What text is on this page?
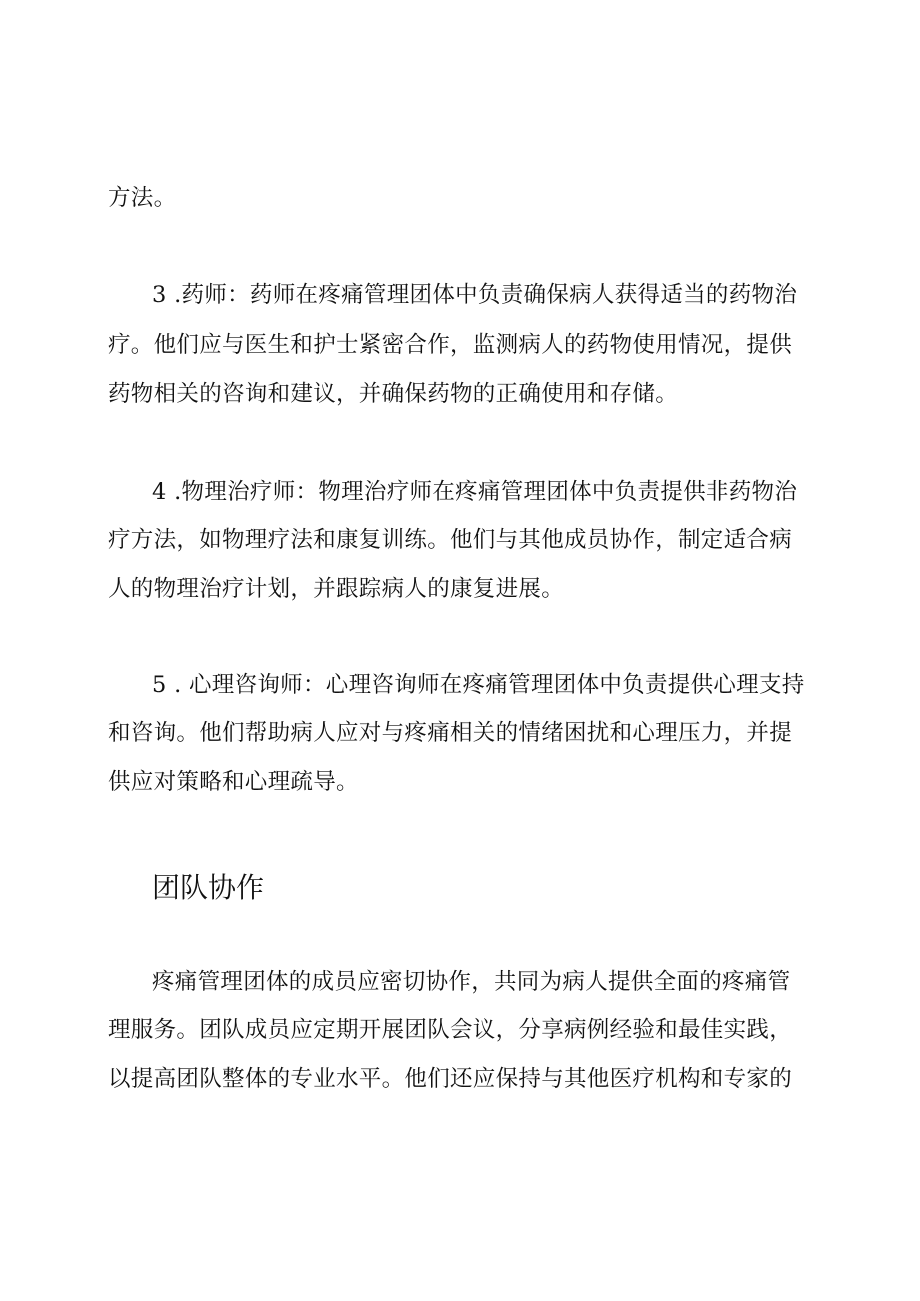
方法。
3 .药师：药师在疼痛管理团体中负责确保病人获得适当的药物治
疗。他们应与医生和护士紧密合作，监测病人的药物使用情况，提供
药物相关的咨询和建议，并确保药物的正确使用和存储。
4 .物理治疗师：物理治疗师在疼痛管理团体中负责提供非药物治
疗方法，如物理疗法和康复训练。他们与其他成员协作，制定适合病
人的物理治疗计划，并跟踪病人的康复进展。
5 . 心理咨询师：心理咨询师在疼痛管理团体中负责提供心理支持
和咨询。他们帮助病人应对与疼痛相关的情绪困扰和心理压力，并提
供应对策略和心理疏导。
团队协作
疼痛管理团体的成员应密切协作，共同为病人提供全面的疼痛管
理服务。团队成员应定期开展团队会议，分享病例经验和最佳实践，
以提高团队整体的专业水平。他们还应保持与其他医疗机构和专家的
